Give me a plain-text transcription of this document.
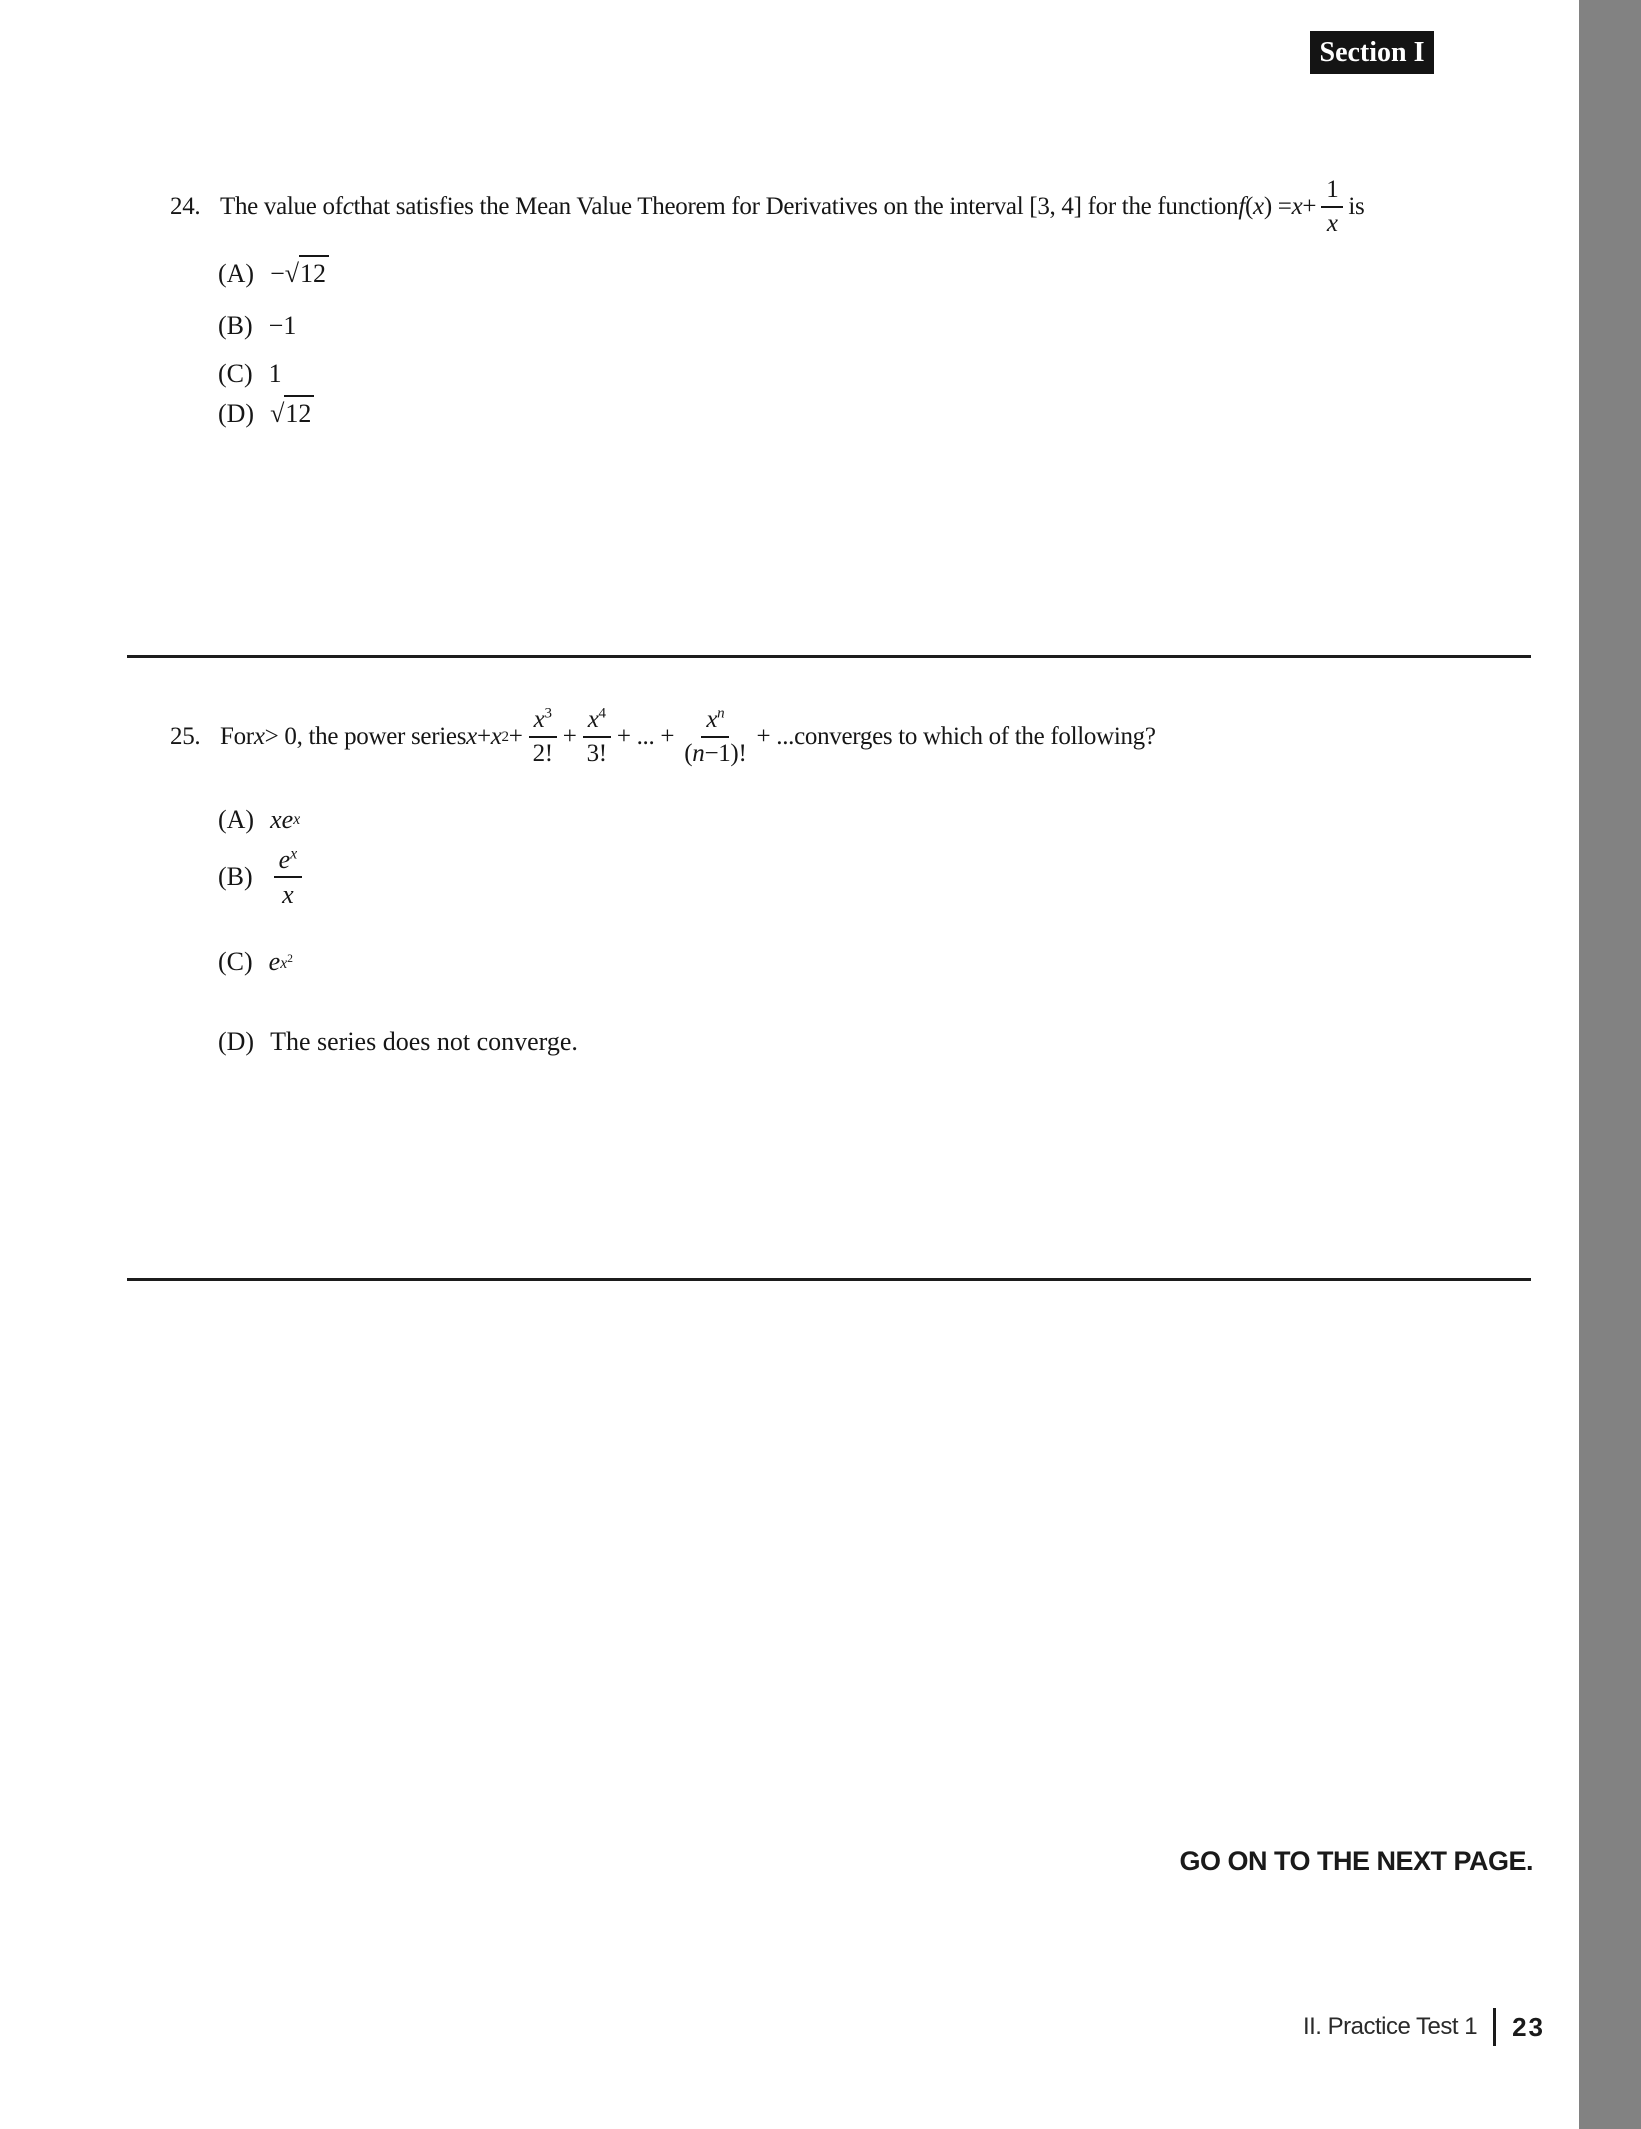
Section I
24. The value of c that satisfies the Mean Value Theorem for Derivatives on the interval [3, 4] for the function f ( x ) = $x + \frac{1}{x}$ is
(A) − √12
(B) −1
(C) 1
(D) √12
25. For x > 0, the power series x + x $2 + \frac{x^3}{2!} + \frac{x^4}{3!}$ + ... + $\frac{x^n}{(n-1)!}$ + ... converges to which of the following?
(A) xe x
$(B) \frac{e^x}{x}$
(C) e $x^2$
(D) The series does not converge.
GO ON TO THE NEXT PAGE.
II. Practice Test 1 23
